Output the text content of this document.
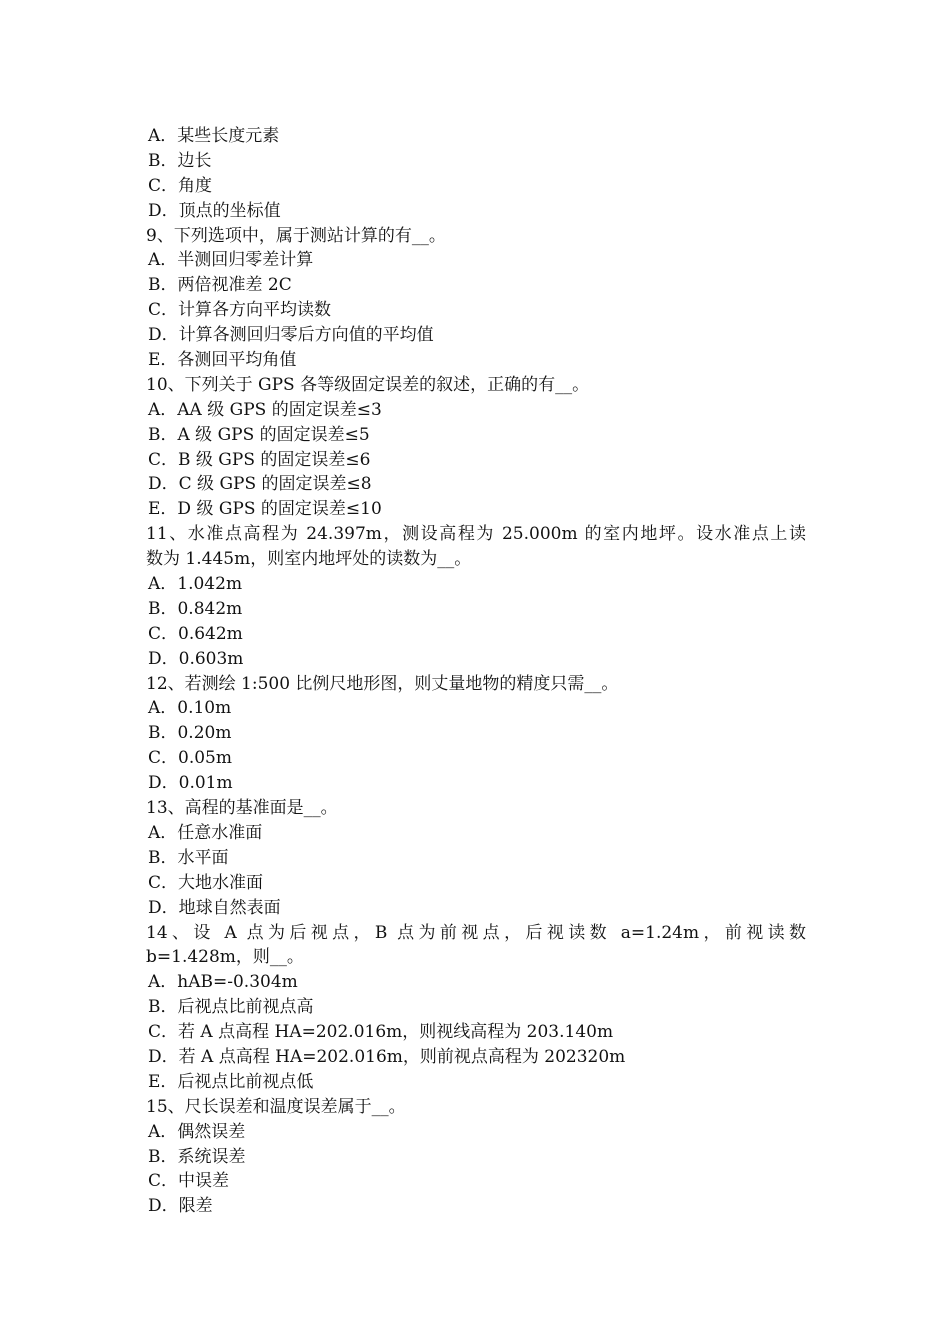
A．某些长度元素
B．边长
C．角度
D．顶点的坐标值
9、下列选项中，属于测站计算的有__。
A．半测回归零差计算
B．两倍视准差 2C
C．计算各方向平均读数
D．计算各测回归零后方向值的平均值
E．各测回平均角值
10、下列关于 GPS 各等级固定误差的叙述，正确的有__。
A．AA 级 GPS 的固定误差≤3
B．A 级 GPS 的固定误差≤5
C．B 级 GPS 的固定误差≤6
D．C 级 GPS 的固定误差≤8
E．D 级 GPS 的固定误差≤10
11、水准点高程为 24.397m，测设高程为 25.000m 的室内地坪。设水准点上读
数为 1.445m，则室内地坪处的读数为__。
A．1.042m
B．0.842m
C．0.642m
D．0.603m
12、若测绘 1:500 比例尺地形图，则丈量地物的精度只需__。
A．0.10m
B．0.20m
C．0.05m
D．0.01m
13、高程的基准面是__。
A．任意水准面
B．水平面
C．大地水准面
D．地球自然表面
14、设 A 点为后视点，B 点为前视点，后视读数 a=1.24m，前视读数
b=1.428m，则__。
A．hAB=-0.304m
B．后视点比前视点高
C．若 A 点高程 HA=202.016m，则视线高程为 203.140m
D．若 A 点高程 HA=202.016m，则前视点高程为 202320m
E．后视点比前视点低
15、尺长误差和温度误差属于__。
A．偶然误差
B．系统误差
C．中误差
D．限差
